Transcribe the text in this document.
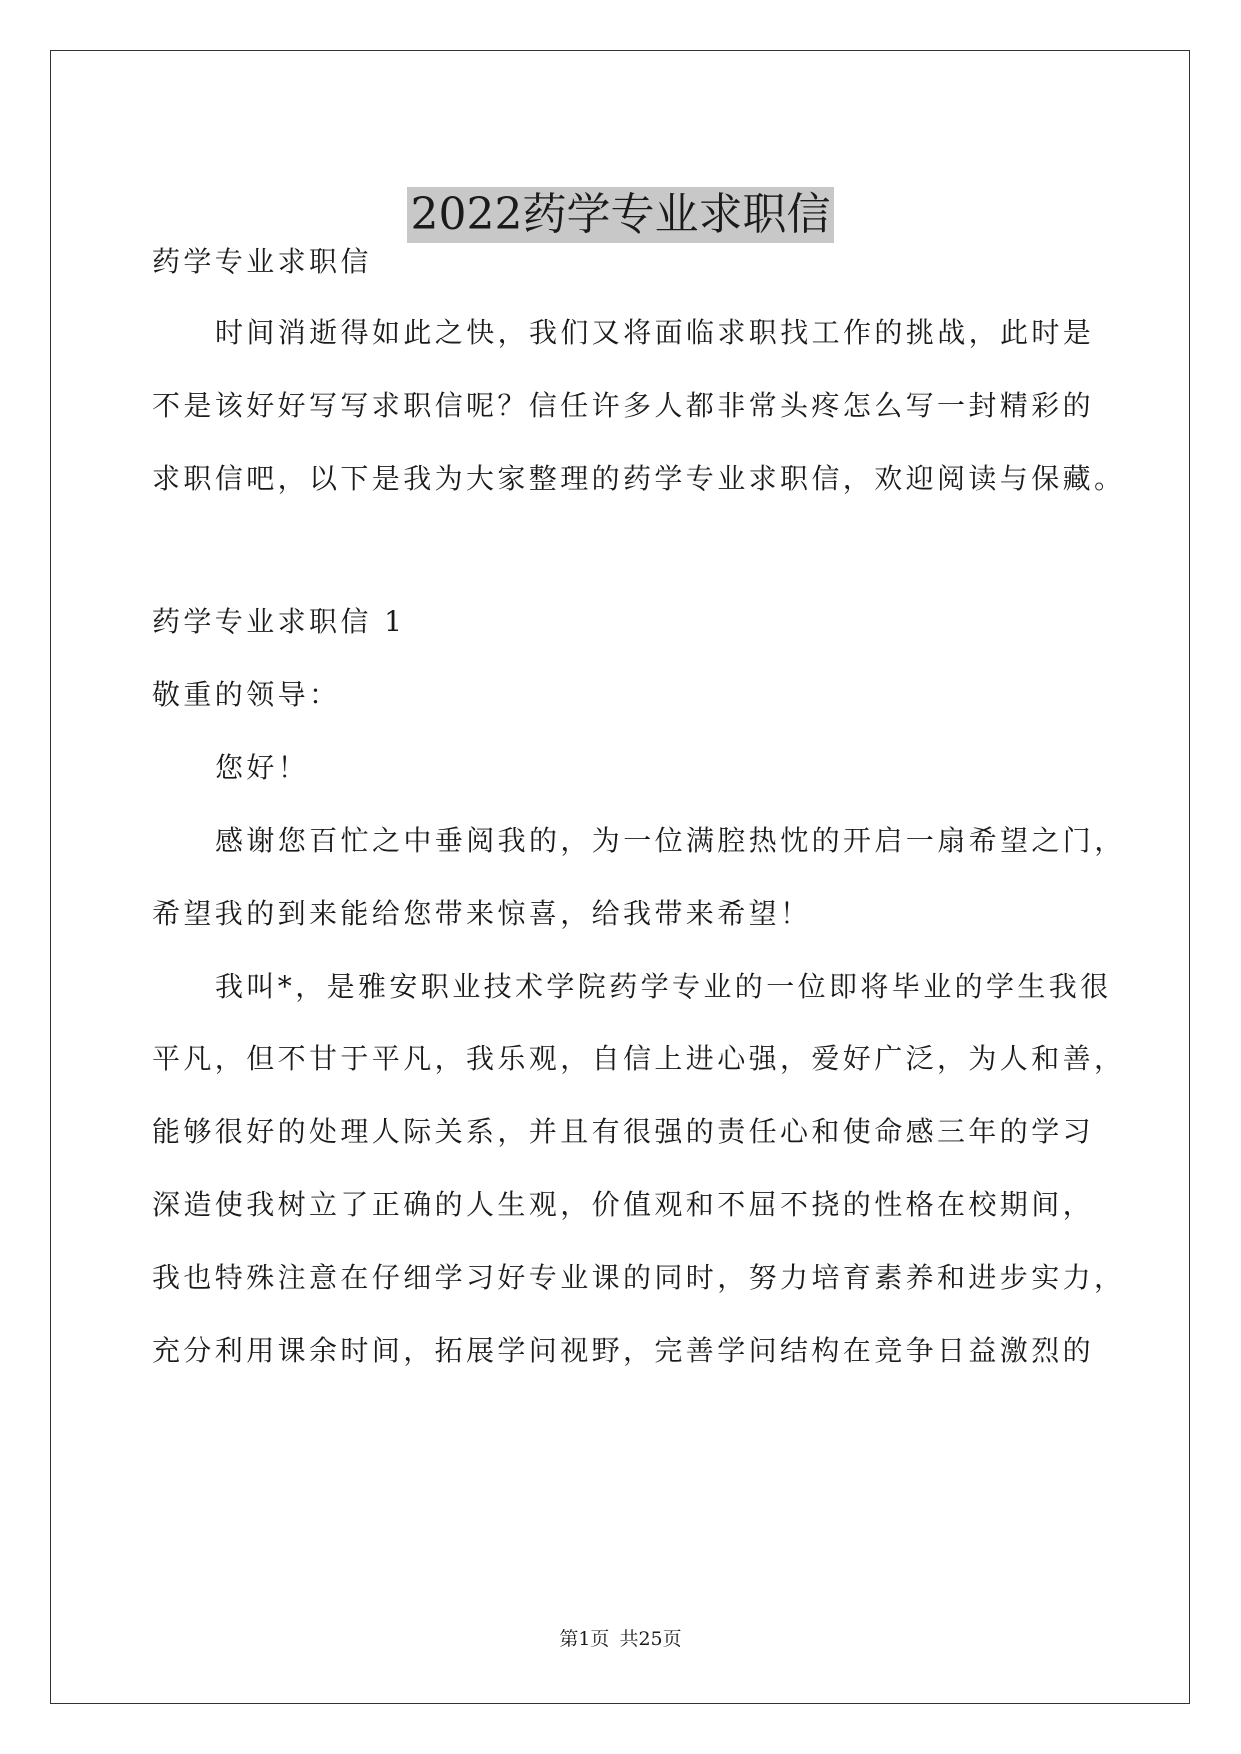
2022药学专业求职信
药学专业求职信
时间消逝得如此之快，我们又将面临求职找工作的挑战，此时是
不是该好好写写求职信呢？信任许多人都非常头疼怎么写一封精彩的
求职信吧，以下是我为大家整理的药学专业求职信，欢迎阅读与保藏。
药学专业求职信 1
敬重的领导：
您好！
感谢您百忙之中垂阅我的，为一位满腔热忱的开启一扇希望之门，
希望我的到来能给您带来惊喜，给我带来希望！
我叫*，是雅安职业技术学院药学专业的一位即将毕业的学生我很
平凡，但不甘于平凡，我乐观，自信上进心强，爱好广泛，为人和善，
能够很好的处理人际关系，并且有很强的责任心和使命感三年的学习
深造使我树立了正确的人生观，价值观和不屈不挠的性格在校期间，
我也特殊注意在仔细学习好专业课的同时，努力培育素养和进步实力，
充分利用课余时间，拓展学问视野，完善学问结构在竞争日益激烈的
第1页 共25页
